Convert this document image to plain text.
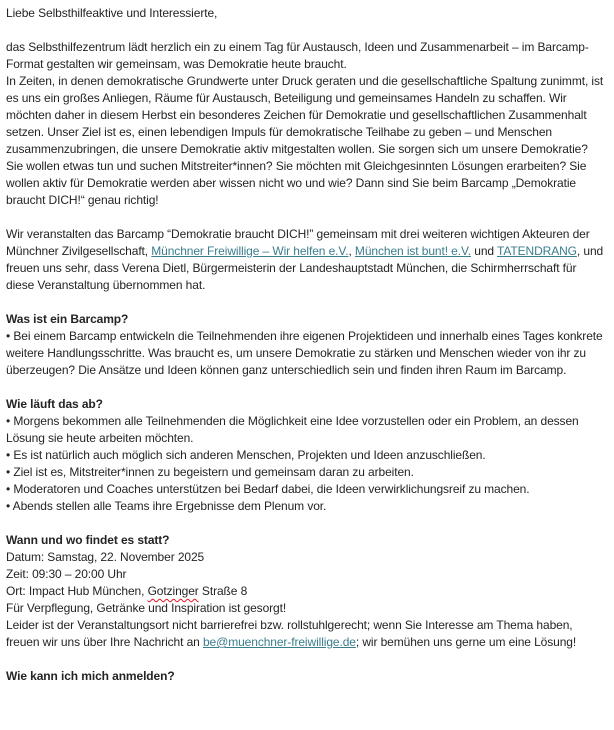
Liebe Selbsthilfeaktive und Interessierte,

das Selbsthilfezentrum lädt herzlich ein zu einem Tag für Austausch, Ideen und Zusammenarbeit – im Barcamp-Format gestalten wir gemeinsam, was Demokratie heute braucht.
In Zeiten, in denen demokratische Grundwerte unter Druck geraten und die gesellschaftliche Spaltung zunimmt, ist es uns ein großes Anliegen, Räume für Austausch, Beteiligung und gemeinsames Handeln zu schaffen. Wir möchten daher in diesem Herbst ein besonderes Zeichen für Demokratie und gesellschaftlichen Zusammenhalt setzen. Unser Ziel ist es, einen lebendigen Impuls für demokratische Teilhabe zu geben – und Menschen zusammenzubringen, die unsere Demokratie aktiv mitgestalten wollen. Sie sorgen sich um unsere Demokratie? Sie wollen etwas tun und suchen Mitstreiter*innen? Sie möchten mit Gleichgesinnten Lösungen erarbeiten? Sie wollen aktiv für Demokratie werden aber wissen nicht wo und wie? Dann sind Sie beim Barcamp „Demokratie braucht DICH!“ genau richtig!

Wir veranstalten das Barcamp “Demokratie braucht DICH!” gemeinsam mit drei weiteren wichtigen Akteuren der Münchner Zivilgesellschaft, Münchner Freiwillige – Wir helfen e.V., München ist bunt! e.V. und TATENDRANG, und freuen uns sehr, dass Verena Dietl, Bürgermeisterin der Landeshauptstadt München, die Schirmherrschaft für diese Veranstaltung übernommen hat.

Was ist ein Barcamp?
• Bei einem Barcamp entwickeln die Teilnehmenden ihre eigenen Projektideen und innerhalb eines Tages konkrete weitere Handlungsschritte. Was braucht es, um unsere Demokratie zu stärken und Menschen wieder von ihr zu überzeugen? Die Ansätze und Ideen können ganz unterschiedlich sein und finden ihren Raum im Barcamp.
Wie läuft das ab?
• Morgens bekommen alle Teilnehmenden die Möglichkeit eine Idee vorzustellen oder ein Problem, an dessen Lösung sie heute arbeiten möchten.
• Es ist natürlich auch möglich sich anderen Menschen, Projekten und Ideen anzuschließen.
• Ziel ist es, Mitstreiter*innen zu begeistern und gemeinsam daran zu arbeiten.
• Moderatoren und Coaches unterstützen bei Bedarf dabei, die Ideen verwirklichungsreif zu machen.
• Abends stellen alle Teams ihre Ergebnisse dem Plenum vor.
Wann und wo findet es statt?
Datum: Samstag, 22. November 2025
Zeit: 09:30 – 20:00 Uhr
Ort: Impact Hub München, Gotzinger Straße 8
Für Verpflegung, Getränke und Inspiration ist gesorgt!
Leider ist der Veranstaltungsort nicht barrierefrei bzw. rollstuhlgerecht; wenn Sie Interesse am Thema haben, freuen wir uns über Ihre Nachricht an be@muenchner-freiwillige.de; wir bemühen uns gerne um eine Lösung!
Wie kann ich mich anmelden?
